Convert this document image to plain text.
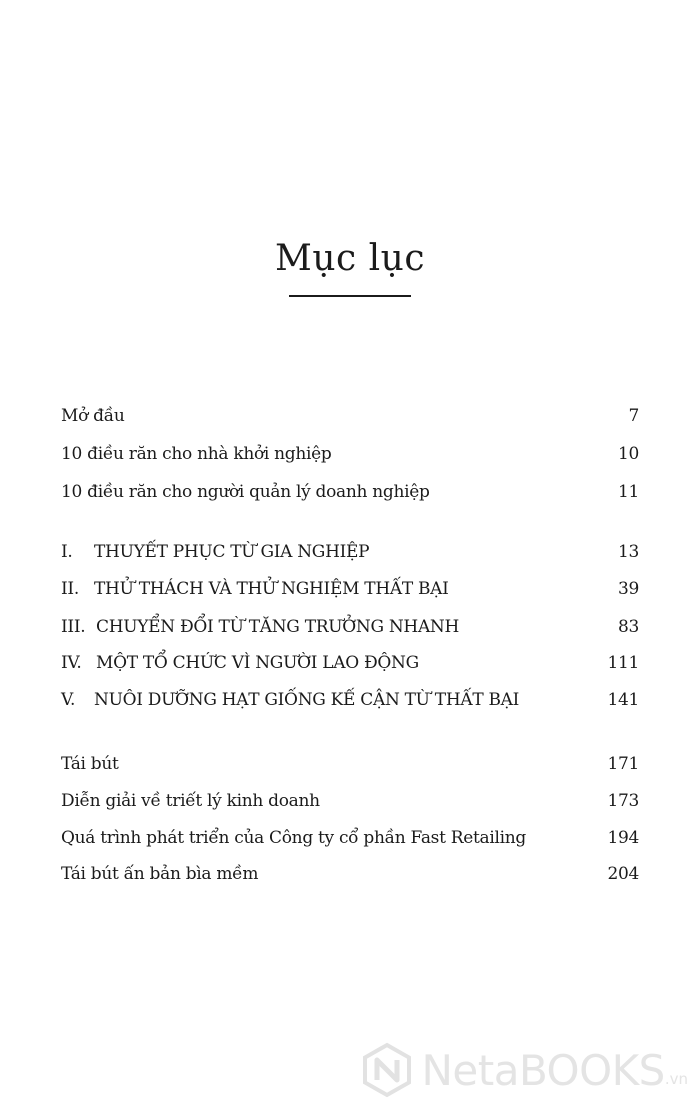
Mục lục
Mở đầu	7
10 điều răn cho nhà khởi nghiệp	10
10 điều răn cho người quản lý doanh nghiệp	11
I.	THUYẾT PHỤC TỪ GIA NGHIỆP	13
II. THỬ THÁCH VÀ THỬ NGHIỆM THẤT BẠI	39
III. CHUYỂN ĐỔI TỪ TĂNG TRƯỞNG NHANH	83
IV. MỘT TỔ CHỨC VÌ NGƯỜI LAO ĐỘNG	111
V.	NUÔI DƯỠNG HẠT GIỐNG KẾ CẬN TỪ THẤT BẠI	141
Tái bút	171
Diễn giải về triết lý kinh doanh	173
Quá trình phát triển của Công ty cổ phần Fast Retailing	194
Tái bút ấn bản bìa mềm	204
NetaBOOKS .vn
